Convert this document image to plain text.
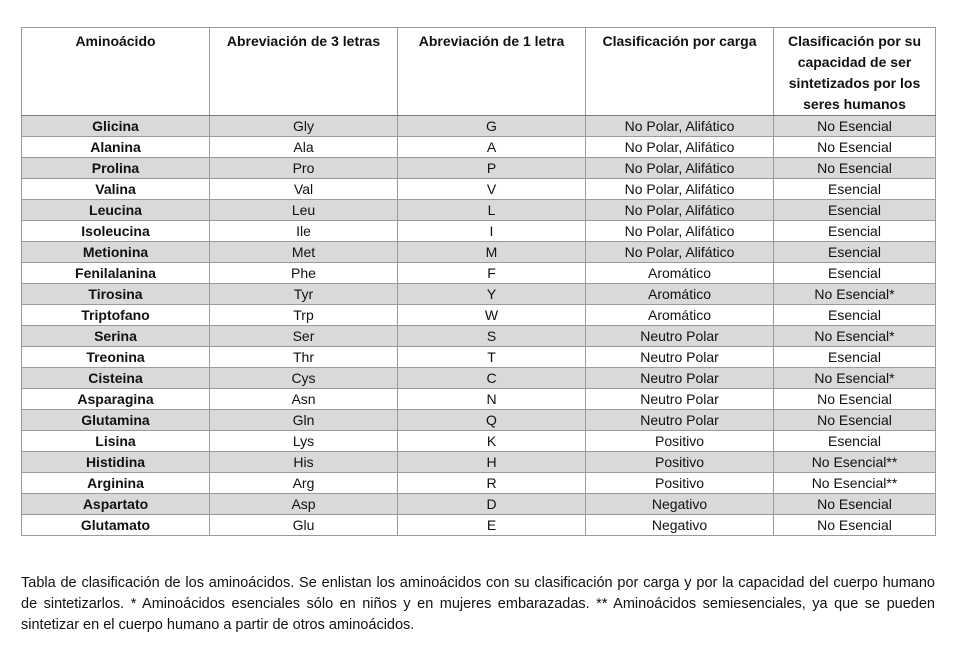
Aminoácido	Abreviación de 3 letras	Abreviación de 1 letra	Clasificación por carga	Clasificación por su capacidad de ser sintetizados por los seres humanos
Glicina	Gly	G	No Polar, Alifático	No Esencial
Alanina	Ala	A	No Polar, Alifático	No Esencial
Prolina	Pro	P	No Polar, Alifático	No Esencial
Valina	Val	V	No Polar, Alifático	Esencial
Leucina	Leu	L	No Polar, Alifático	Esencial
Isoleucina	Ile	I	No Polar, Alifático	Esencial
Metionina	Met	M	No Polar, Alifático	Esencial
Fenilalanina	Phe	F	Aromático	Esencial
Tirosina	Tyr	Y	Aromático	No Esencial*
Triptofano	Trp	W	Aromático	Esencial
Serina	Ser	S	Neutro Polar	No Esencial*
Treonina	Thr	T	Neutro Polar	Esencial
Cisteina	Cys	C	Neutro Polar	No Esencial*
Asparagina	Asn	N	Neutro Polar	No Esencial
Glutamina	Gln	Q	Neutro Polar	No Esencial
Lisina	Lys	K	Positivo	Esencial
Histidina	His	H	Positivo	No Esencial**
Arginina	Arg	R	Positivo	No Esencial**
Aspartato	Asp	D	Negativo	No Esencial
Glutamato	Glu	E	Negativo	No Esencial

Tabla de clasificación de los aminoácidos. Se enlistan los aminoácidos con su clasificación por carga y por la capacidad del cuerpo humano de sintetizarlos. * Aminoácidos esenciales sólo en niños y en mujeres embarazadas. ** Aminoácidos semiesenciales, ya que se pueden sintetizar en el cuerpo humano a partir de otros aminoácidos.
